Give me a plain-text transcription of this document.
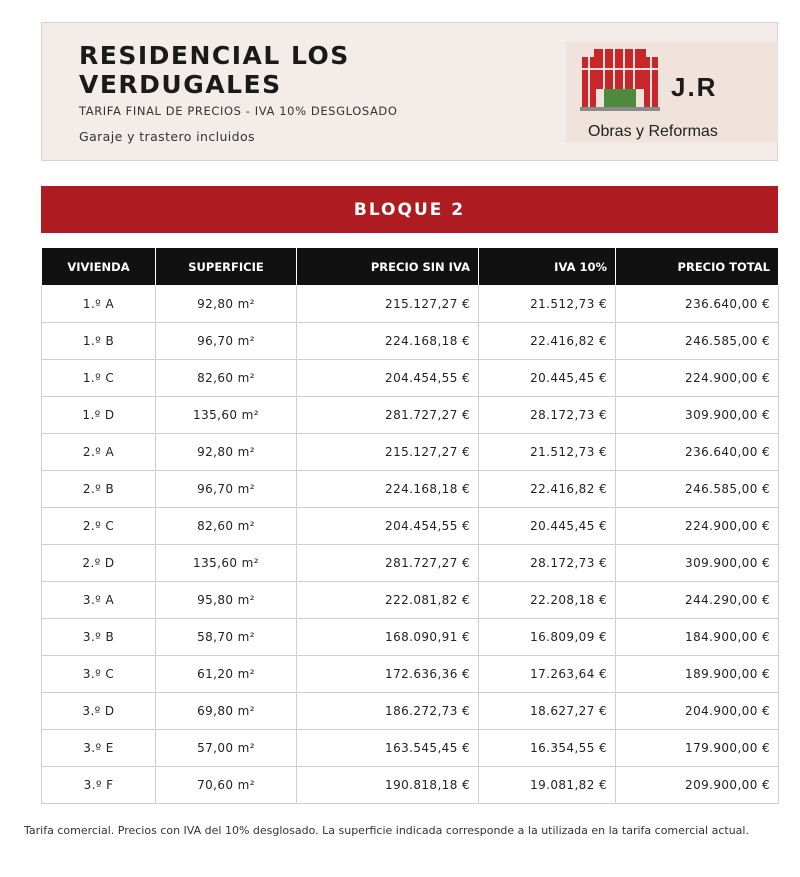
RESIDENCIAL LOS VERDUGALES
TARIFA FINAL DE PRECIOS - IVA 10% DESGLOSADO
Garaje y trastero incluidos
J.R
Obras y Reformas
BLOQUE 2
VIVIENDA	SUPERFICIE	PRECIO SIN IVA	IVA 10%	PRECIO TOTAL
1.º A	92,80 m²	215.127,27 €	21.512,73 €	236.640,00 €
1.º B	96,70 m²	224.168,18 €	22.416,82 €	246.585,00 €
1.º C	82,60 m²	204.454,55 €	20.445,45 €	224.900,00 €
1.º D	135,60 m²	281.727,27 €	28.172,73 €	309.900,00 €
2.º A	92,80 m²	215.127,27 €	21.512,73 €	236.640,00 €
2.º B	96,70 m²	224.168,18 €	22.416,82 €	246.585,00 €
2.º C	82,60 m²	204.454,55 €	20.445,45 €	224.900,00 €
2.º D	135,60 m²	281.727,27 €	28.172,73 €	309.900,00 €
3.º A	95,80 m²	222.081,82 €	22.208,18 €	244.290,00 €
3.º B	58,70 m²	168.090,91 €	16.809,09 €	184.900,00 €
3.º C	61,20 m²	172.636,36 €	17.263,64 €	189.900,00 €
3.º D	69,80 m²	186.272,73 €	18.627,27 €	204.900,00 €
3.º E	57,00 m²	163.545,45 €	16.354,55 €	179.900,00 €
3.º F	70,60 m²	190.818,18 €	19.081,82 €	209.900,00 €
Tarifa comercial. Precios con IVA del 10% desglosado. La superficie indicada corresponde a la utilizada en la tarifa comercial actual.
